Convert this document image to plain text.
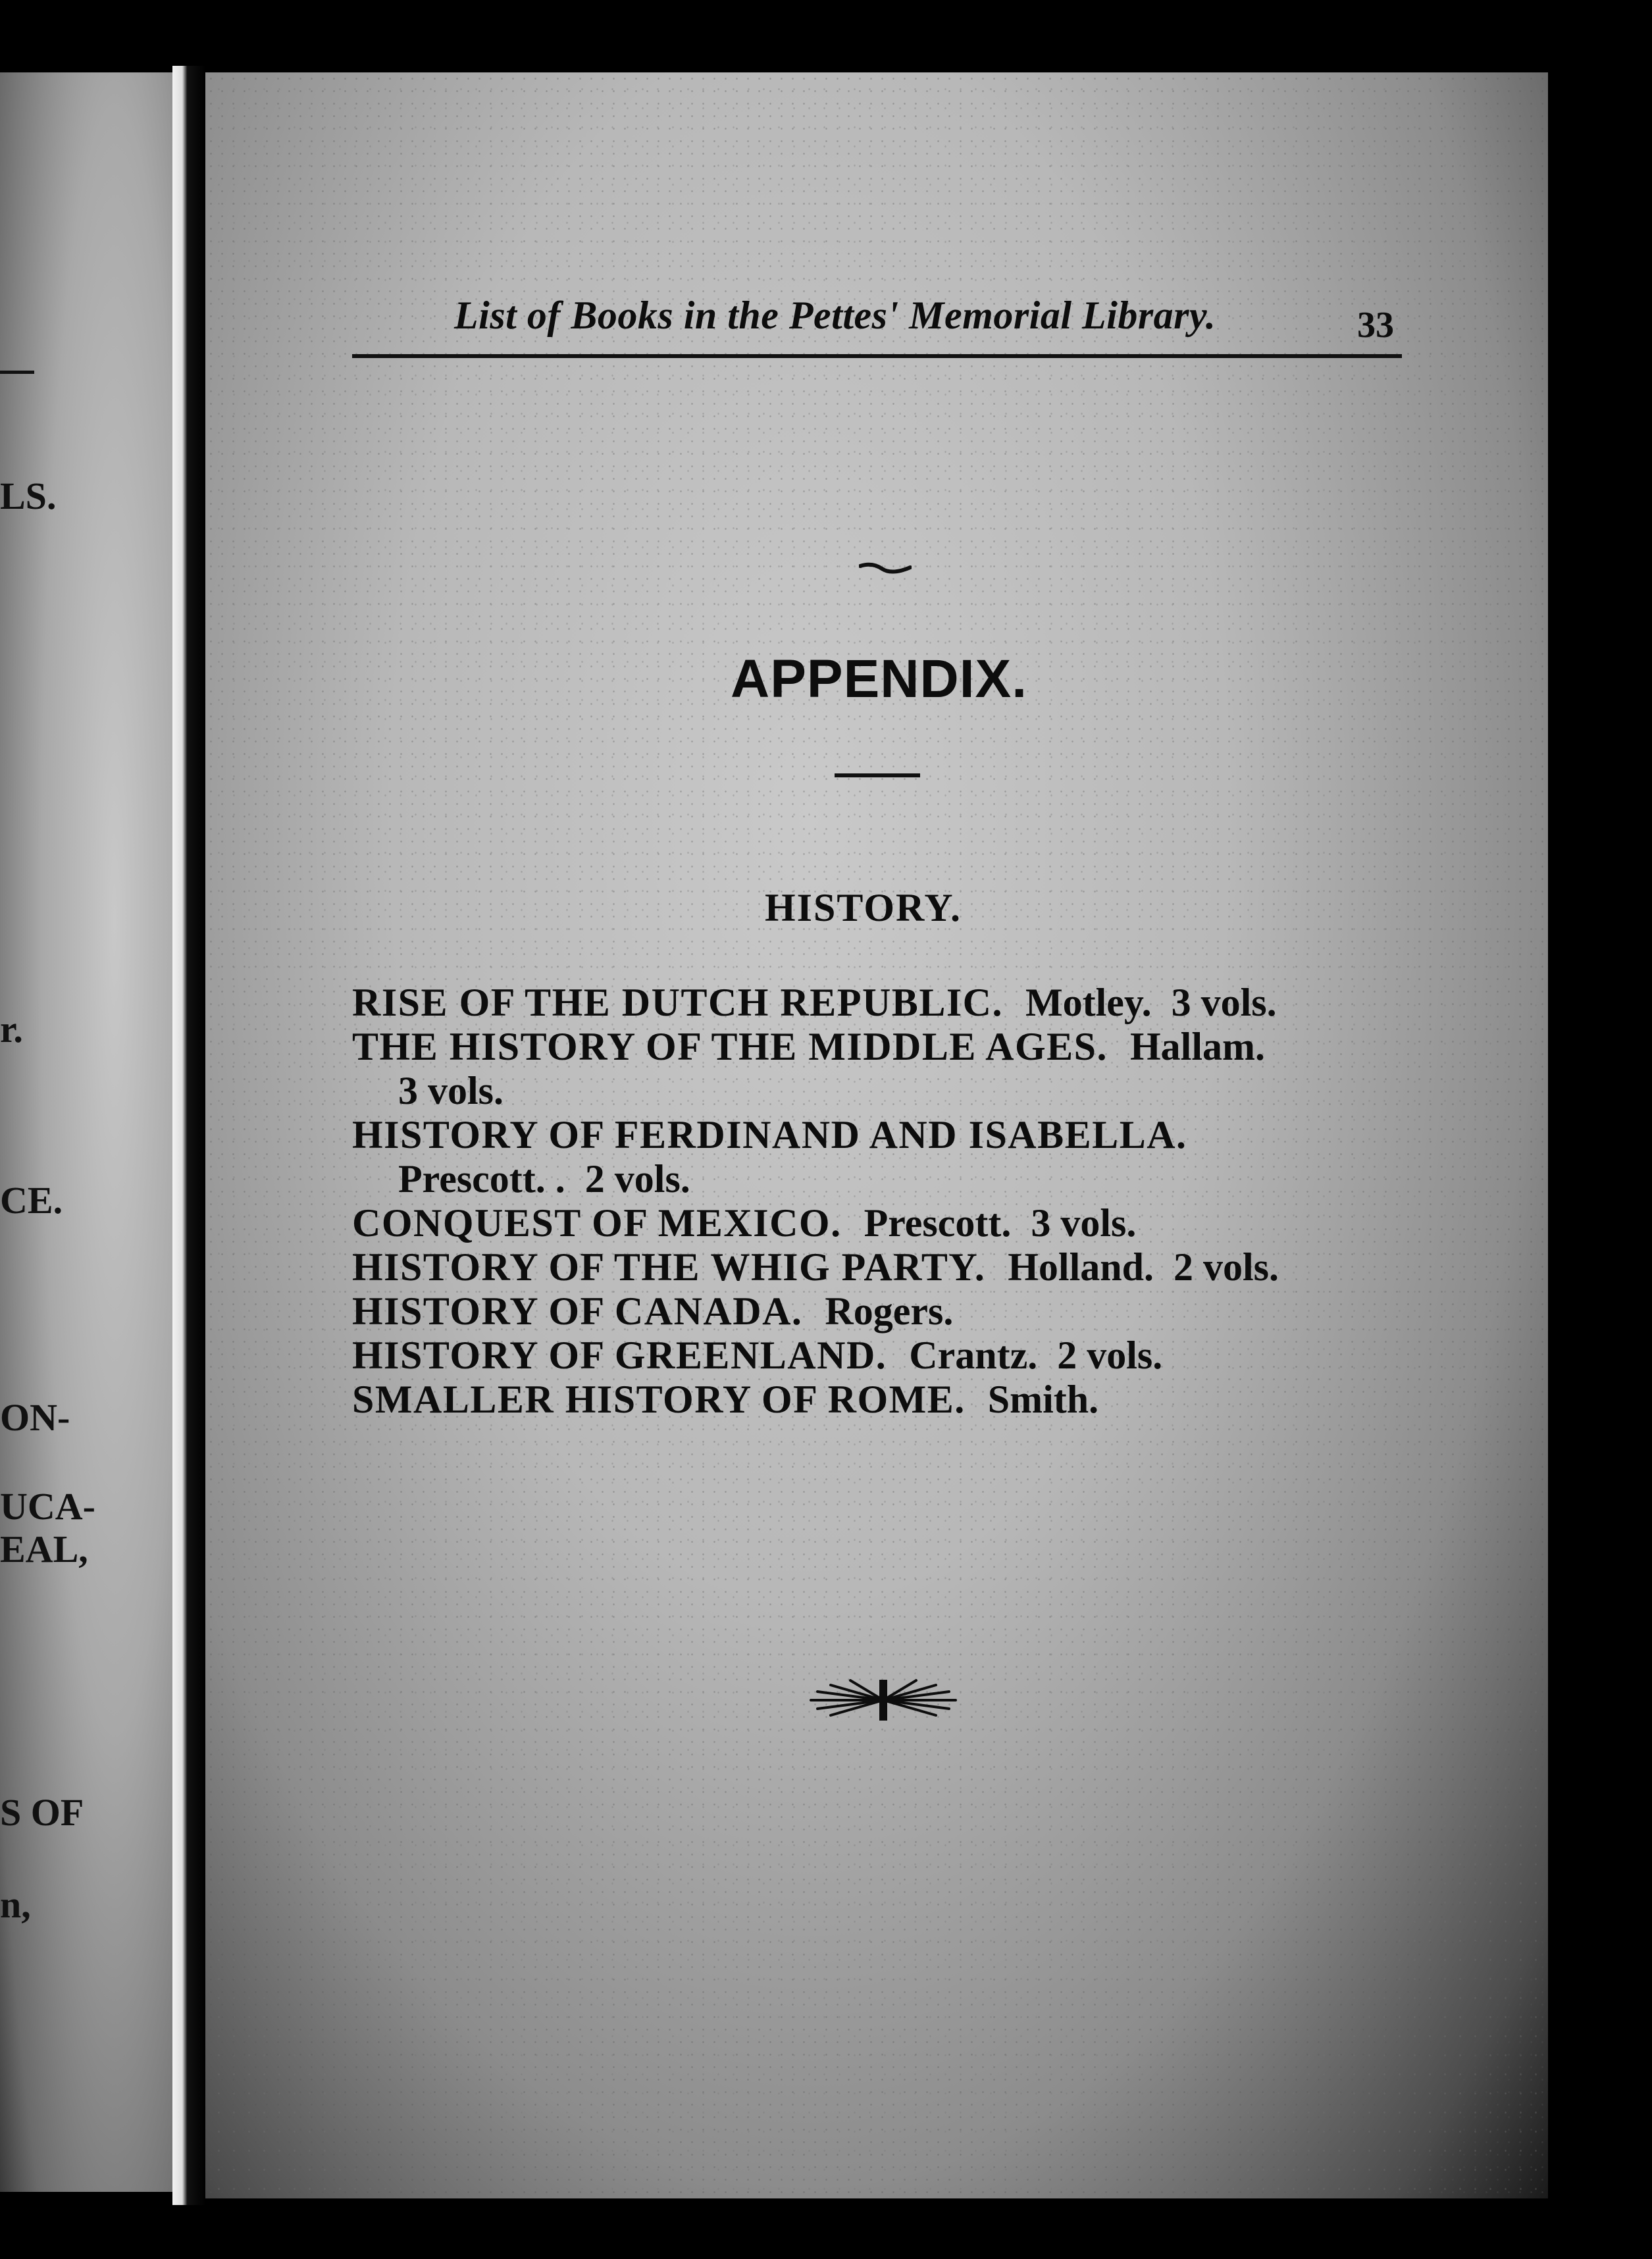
LS.
r.
CE.
ON-
UCA-
EAL,
S OF
n,
List of Books in the Pettes' Memorial Library.	33
APPENDIX.
HISTORY.
RISE OF THE DUTCH REPUBLIC. Motley. 3 vols.
THE HISTORY OF THE MIDDLE AGES. Hallam.
3 vols.
HISTORY OF FERDINAND AND ISABELLA.
Prescott. . 2 vols.
CONQUEST OF MEXICO. Prescott. 3 vols.
HISTORY OF THE WHIG PARTY. Holland. 2 vols.
HISTORY OF CANADA. Rogers.
HISTORY OF GREENLAND. Crantz. 2 vols.
SMALLER HISTORY OF ROME. Smith.
